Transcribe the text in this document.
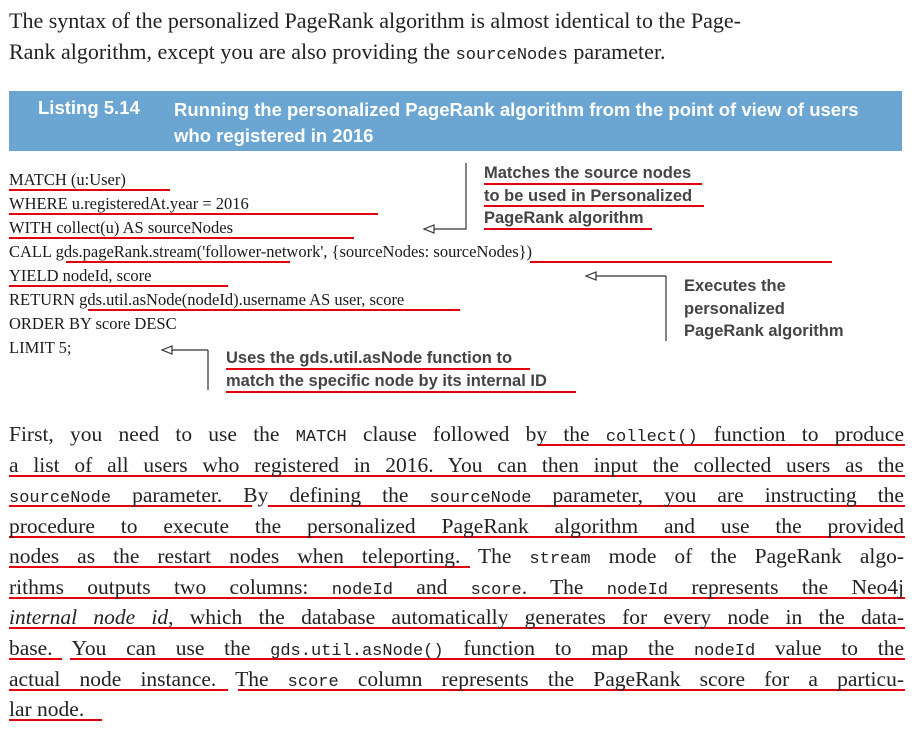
The syntax of the personalized PageRank algorithm is almost identical to the Page-
Rank algorithm, except you are also providing the sourceNodes parameter.
Listing 5.14 Running the personalized PageRank algorithm from the point of view of users who registered in 2016
MATCH (u:User)
WHERE u.registeredAt.year = 2016
WITH collect(u) AS sourceNodes
CALL gds.pageRank.stream('follower-network', {sourceNodes: sourceNodes})
YIELD nodeId, score
RETURN gds.util.asNode(nodeId).username AS user, score
ORDER BY score DESC
LIMIT 5;
Matches the source nodes
to be used in Personalized
PageRank algorithm
Executes the
personalized
PageRank algorithm
Uses the gds.util.asNode function to
match the specific node by its internal ID
First, you need to use the MATCH clause followed by the collect() function to produce
a list of all users who registered in 2016. You can then input the collected users as the
sourceNode parameter. By defining the sourceNode parameter, you are instructing the
procedure to execute the personalized PageRank algorithm and use the provided
nodes as the restart nodes when teleporting. The stream mode of the PageRank algo-
rithms outputs two columns: nodeId and score. The nodeId represents the Neo4j
internal node id, which the database automatically generates for every node in the data-
base. You can use the gds.util.asNode() function to map the nodeId value to the
actual node instance. The score column represents the PageRank score for a particu-
lar node.
